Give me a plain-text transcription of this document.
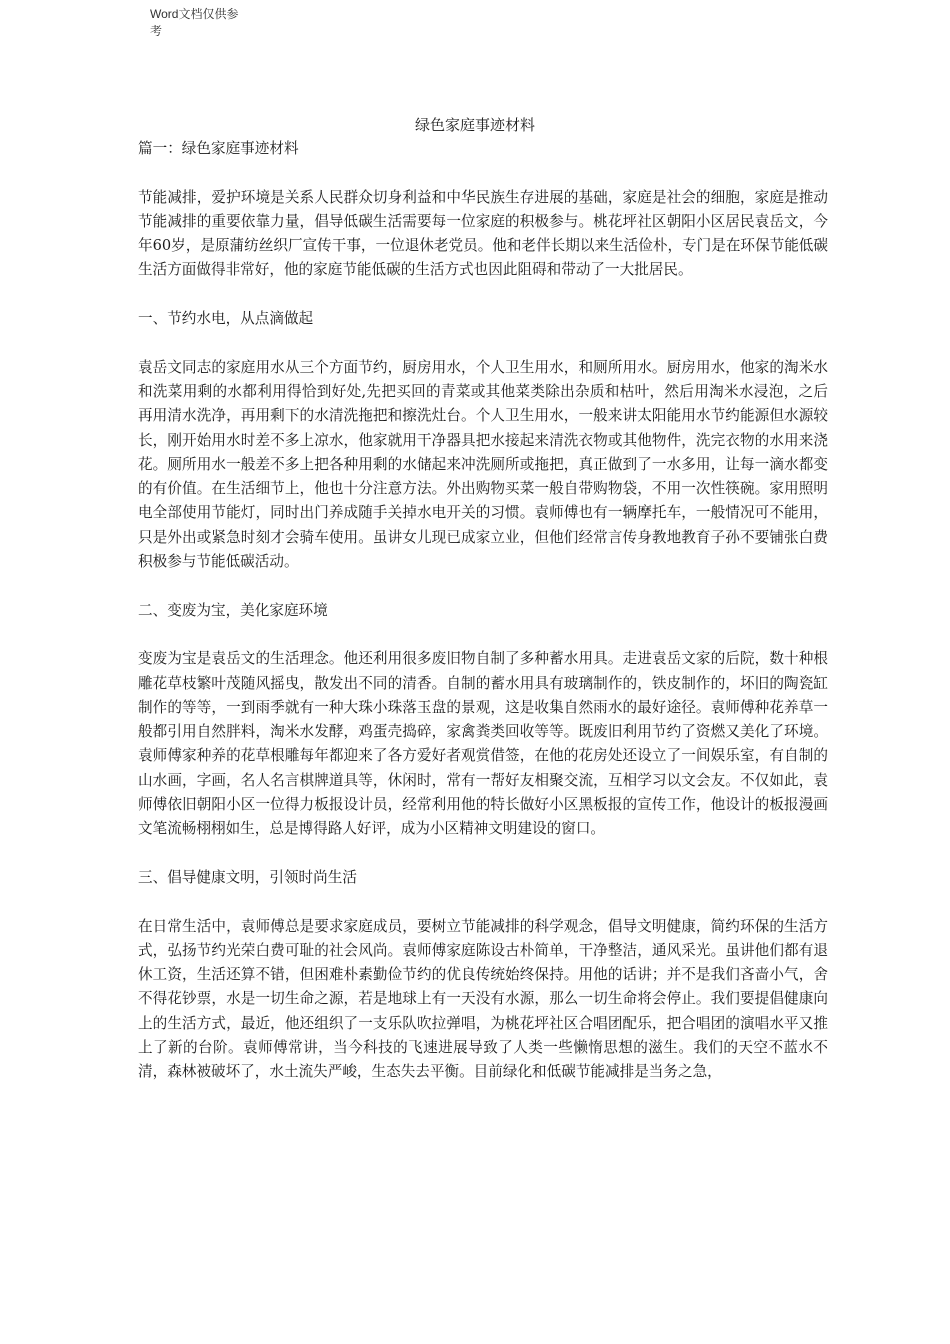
Word文档仅供参考
绿色家庭事迹材料

篇一：绿色家庭事迹材料

节能减排，爱护环境是关系人民群众切身利益和中华民族生存进展的基础，家庭是社会的细胞，家庭是推动节能减排的重要依靠力量，倡导低碳生活需要每一位家庭的积极参与。桃花坪社区朝阳小区居民袁岳文，今年60岁，是原蒲纺丝织厂宣传干事，一位退休老党员。他和老伴长期以来生活俭朴，专门是在环保节能低碳生活方面做得非常好，他的家庭节能低碳的生活方式也因此阻碍和带动了一大批居民。

一、节约水电，从点滴做起

袁岳文同志的家庭用水从三个方面节约，厨房用水，个人卫生用水，和厕所用水。厨房用水，他家的淘米水和洗菜用剩的水都利用得恰到好处,先把买回的青菜或其他菜类除出杂质和枯叶，然后用淘米水浸泡，之后再用清水洗净，再用剩下的水清洗拖把和擦洗灶台。个人卫生用水，一般来讲太阳能用水节约能源但水源较长，刚开始用水时差不多上凉水，他家就用干净器具把水接起来清洗衣物或其他物件，洗完衣物的水用来浇花。厕所用水一般差不多上把各种用剩的水储起来冲洗厕所或拖把，真正做到了一水多用，让每一滴水都变的有价值。在生活细节上，他也十分注意方法。外出购物买菜一般自带购物袋，不用一次性筷碗。家用照明电全部使用节能灯，同时出门养成随手关掉水电开关的习惯。袁师傅也有一辆摩托车，一般情况可不能用，只是外出或紧急时刻才会骑车使用。虽讲女儿现已成家立业，但他们经常言传身教地教育子孙不要铺张白费积极参与节能低碳活动。

二、变废为宝，美化家庭环境

变废为宝是袁岳文的生活理念。他还利用很多废旧物自制了多种蓄水用具。走进袁岳文家的后院，数十种根雕花草枝繁叶茂随风摇曳，散发出不同的清香。自制的蓄水用具有玻璃制作的，铁皮制作的，坏旧的陶瓷缸制作的等等，一到雨季就有一种大珠小珠落玉盘的景观，这是收集自然雨水的最好途径。袁师傅种花养草一般都引用自然胖料，淘米水发酵，鸡蛋壳捣碎，家禽粪类回收等等。既废旧利用节约了资燃又美化了环境。袁师傅家种养的花草根雕每年都迎来了各方爱好者观赏借签，在他的花房处还设立了一间娱乐室，有自制的山水画，字画，名人名言棋牌道具等，休闲时，常有一帮好友相聚交流，互相学习以文会友。不仅如此，袁师傅依旧朝阳小区一位得力板报设计员，经常利用他的特长做好小区黑板报的宣传工作，他设计的板报漫画文笔流畅栩栩如生，总是博得路人好评，成为小区精神文明建设的窗口。

三、倡导健康文明，引领时尚生活

在日常生活中，袁师傅总是要求家庭成员，要树立节能减排的科学观念，倡导文明健康，简约环保的生活方式，弘扬节约光荣白费可耻的社会风尚。袁师傅家庭陈设古朴简单，干净整洁，通风采光。虽讲他们都有退休工资，生活还算不错，但困难朴素勤俭节约的优良传统始终保持。用他的话讲；并不是我们吝啬小气，舍不得花钞票，水是一切生命之源，若是地球上有一天没有水源，那么一切生命将会停止。我们要提倡健康向上的生活方式，最近，他还组织了一支乐队吹拉弹唱，为桃花坪社区合唱团配乐，把合唱团的演唱水平又推上了新的台阶。袁师傅常讲，当今科技的飞速进展导致了人类一些懒惰思想的滋生。我们的天空不蓝水不清，森林被破坏了，水土流失严峻，生态失去平衡。目前绿化和低碳节能减排是当务之急，
